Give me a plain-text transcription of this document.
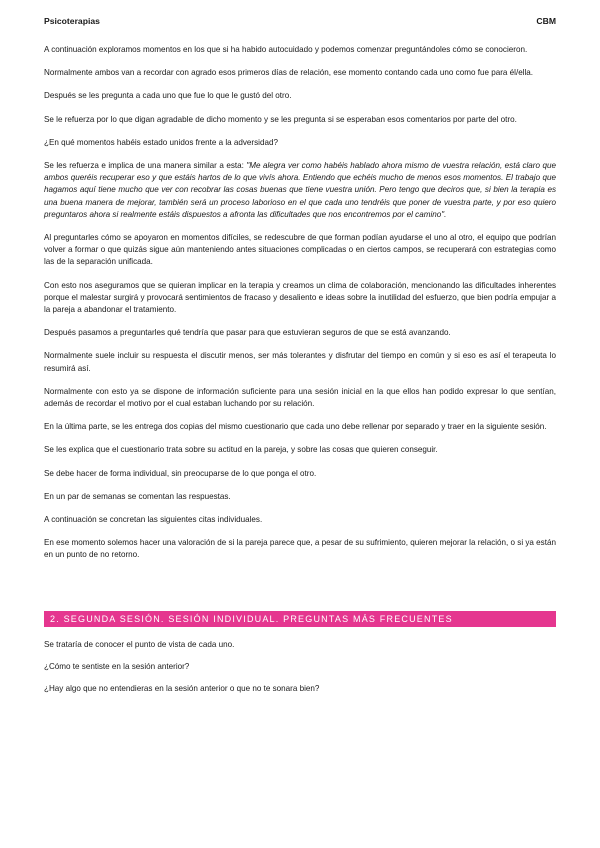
Psicoterapias	CBM

A continuación exploramos momentos en los que si ha habido autocuidado y podemos comenzar preguntándoles cómo se conocieron.

Normalmente ambos van a recordar con agrado esos primeros días de relación, ese momento contando cada uno como fue para él/ella.

Después se les pregunta a cada uno que fue lo que le gustó del otro.

Se le refuerza por lo que digan agradable de dicho momento y se les pregunta si se esperaban esos comentarios por parte del otro.

¿En qué momentos habéis estado unidos frente a la adversidad?

Se les refuerza e implica de una manera similar a esta: "Me alegra ver como habéis hablado ahora mismo de vuestra relación, está claro que ambos queréis recuperar eso y que estáis hartos de lo que vivís ahora. Entiendo que echéis mucho de menos esos momentos. El trabajo que hagamos aquí tiene mucho que ver con recobrar las cosas buenas que tiene vuestra unión. Pero tengo que deciros que, si bien la terapia es una buena manera de mejorar, también será un proceso laborioso en el que cada uno tendréis que poner de vuestra parte, y por eso quiero preguntaros ahora si realmente estáis dispuestos a afronta las dificultades que nos encontremos por el camino".

Al preguntarles cómo se apoyaron en momentos difíciles, se redescubre de que forman podían ayudarse el uno al otro, el equipo que podrían volver a formar o que quizás sigue aún manteniendo antes situaciones complicadas o en ciertos campos, se recuperará con estrategias como las de la separación unificada.

Con esto nos aseguramos que se quieran implicar en la terapia y creamos un clima de colaboración, mencionando las dificultades inherentes porque el malestar surgirá y provocará sentimientos de fracaso y desaliento e ideas sobre la inutilidad del esfuerzo, que bien podría empujar a la pareja a abandonar el tratamiento.

Después pasamos a preguntarles qué tendría que pasar para que estuvieran seguros de que se está avanzando.

Normalmente suele incluir su respuesta el discutir menos, ser más tolerantes y disfrutar del tiempo en común y si eso es así el terapeuta lo resumirá así.

Normalmente con esto ya se dispone de información suficiente para una sesión inicial en la que ellos han podido expresar lo que sentían, además de recordar el motivo por el cual estaban luchando por su relación.

En la última parte, se les entrega dos copias del mismo cuestionario que cada uno debe rellenar por separado y traer en la siguiente sesión.

Se les explica que el cuestionario trata sobre su actitud en la pareja, y sobre las cosas que quieren conseguir.

Se debe hacer de forma individual, sin preocuparse de lo que ponga el otro.

En un par de semanas se comentan las respuestas.

A continuación se concretan las siguientes citas individuales.

En ese momento solemos hacer una valoración de si la pareja parece que, a pesar de su sufrimiento, quieren mejorar la relación, o si ya están en un punto de no retorno.

2. SEGUNDA SESIÓN. SESIÓN INDIVIDUAL. PREGUNTAS MÁS FRECUENTES

Se trataría de conocer el punto de vista de cada uno.

¿Cómo te sentiste en la sesión anterior?

¿Hay algo que no entendieras en la sesión anterior o que no te sonara bien?
